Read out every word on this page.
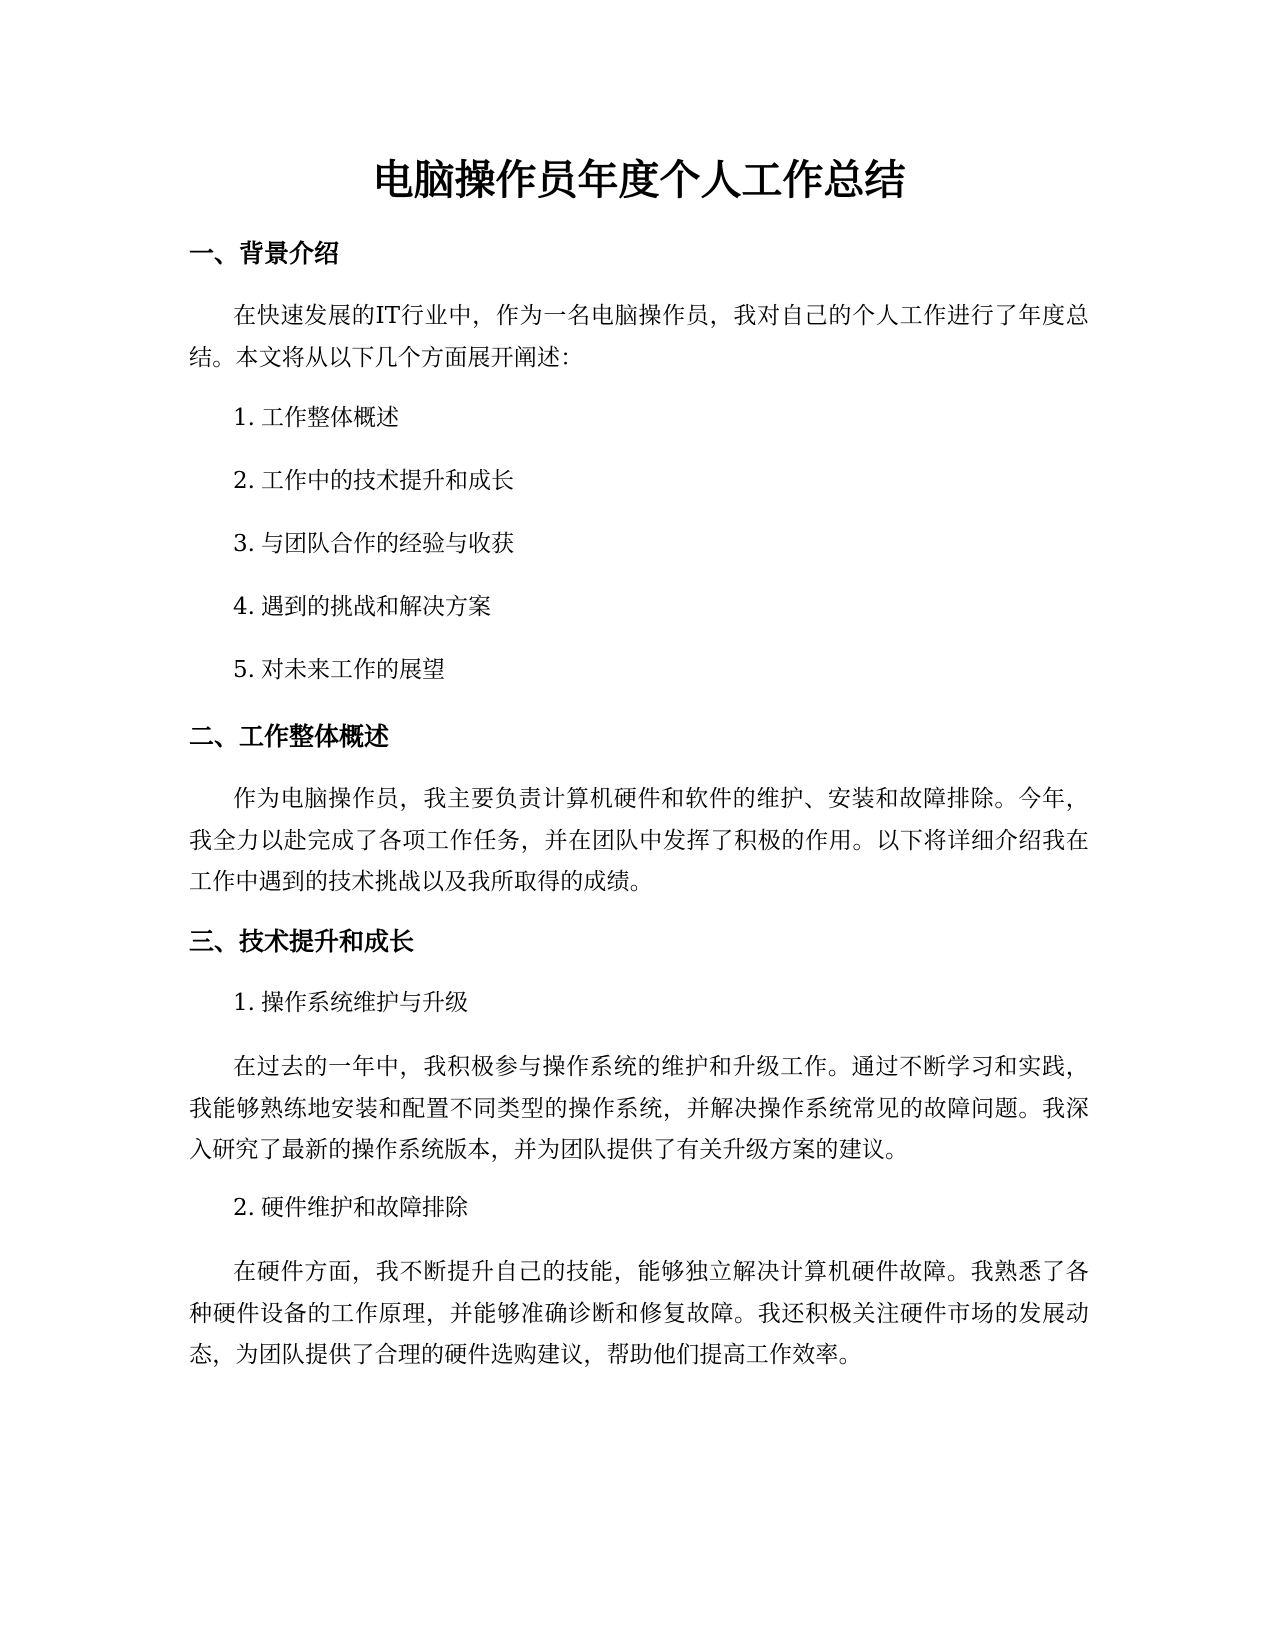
电脑操作员年度个人工作总结
一、背景介绍

在快速发展的IT行业中，作为一名电脑操作员，我对自己的个人工作进行了年度总结。本文将从以下几个方面展开阐述：

1. 工作整体概述
2. 工作中的技术提升和成长
3. 与团队合作的经验与收获
4. 遇到的挑战和解决方案
5. 对未来工作的展望
二、工作整体概述

作为电脑操作员，我主要负责计算机硬件和软件的维护、安装和故障排除。今年，我全力以赴完成了各项工作任务，并在团队中发挥了积极的作用。以下将详细介绍我在工作中遇到的技术挑战以及我所取得的成绩。

三、技术提升和成长
1. 操作系统维护与升级

在过去的一年中，我积极参与操作系统的维护和升级工作。通过不断学习和实践，我能够熟练地安装和配置不同类型的操作系统，并解决操作系统常见的故障问题。我深入研究了最新的操作系统版本，并为团队提供了有关升级方案的建议。

2. 硬件维护和故障排除

在硬件方面，我不断提升自己的技能，能够独立解决计算机硬件故障。我熟悉了各种硬件设备的工作原理，并能够准确诊断和修复故障。我还积极关注硬件市场的发展动态，为团队提供了合理的硬件选购建议，帮助他们提高工作效率。
